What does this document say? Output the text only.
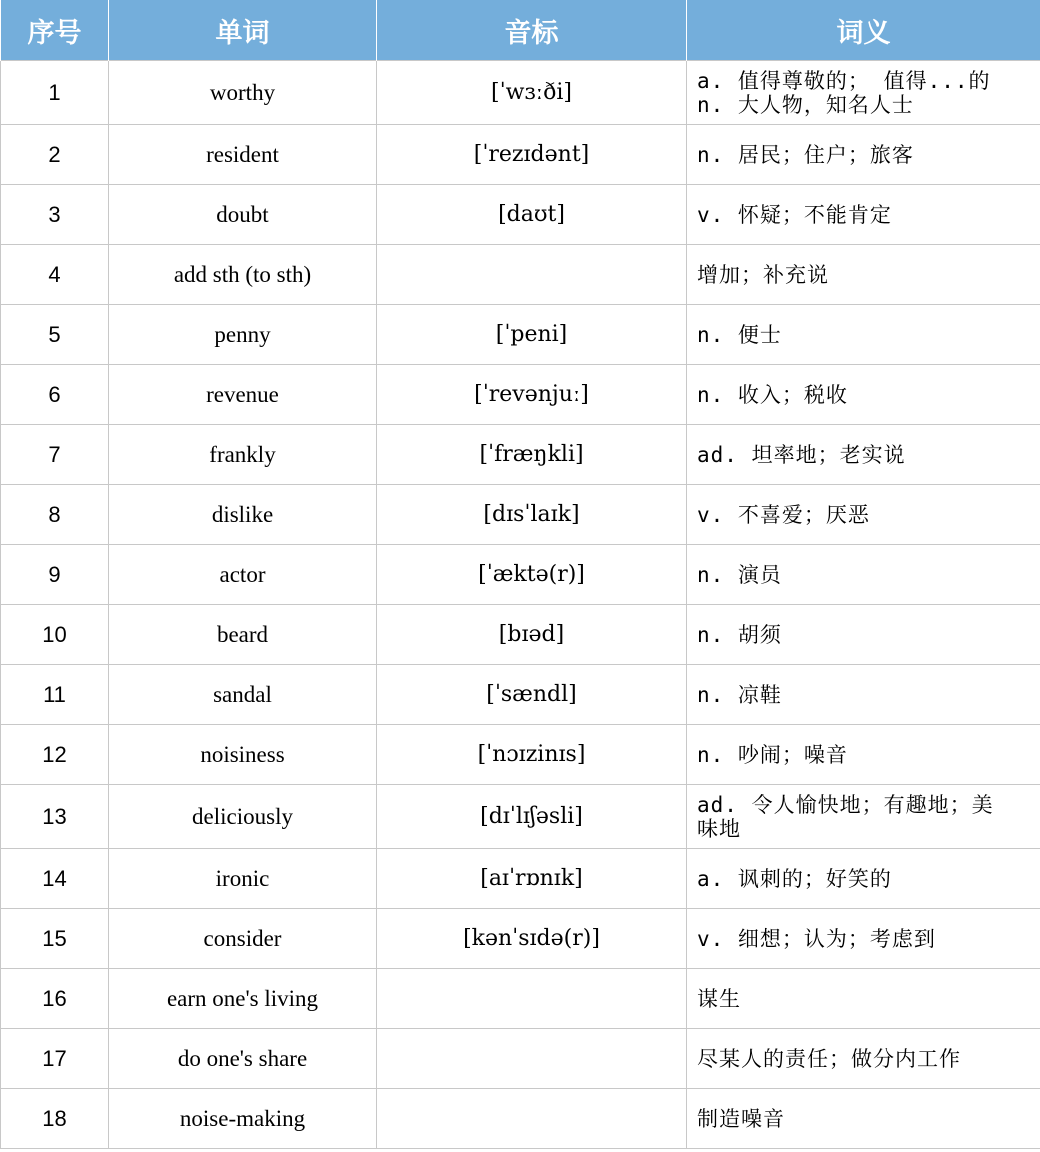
序号	单词	音标	词义
1	worthy	[ˈwɜːði]	a. 值得尊敬的； 值得...的
n. 大人物，知名人士

2	resident	[ˈrezɪdənt]	n. 居民；住户；旅客

3	doubt	[daʊt]	v. 怀疑；不能肯定

4	add sth (to sth)		增加；补充说

5	penny	[ˈpeni]	n. 便士

6	revenue	[ˈrevənjuː]	n. 收入；税收

7	frankly	[ˈfræŋkli]	ad. 坦率地；老实说

8	dislike	[dɪsˈlaɪk]	v. 不喜爱；厌恶

9	actor	[ˈæktə(r)]	n. 演员

10	beard	[bɪəd]	n. 胡须

11	sandal	[ˈsændl]	n. 凉鞋

12	noisiness	[ˈnɔɪzinɪs]	n. 吵闹；噪音

13	deliciously	[dɪˈlɪʃəsli]	ad. 令人愉快地；有趣地；美
味地

14	ironic	[aɪˈrɒnɪk]	a. 讽刺的；好笑的

15	consider	[kənˈsɪdə(r)]	v. 细想；认为；考虑到

16	earn one's living		谋生

17	do one's share		尽某人的责任；做分内工作

18	noise-making		制造噪音
